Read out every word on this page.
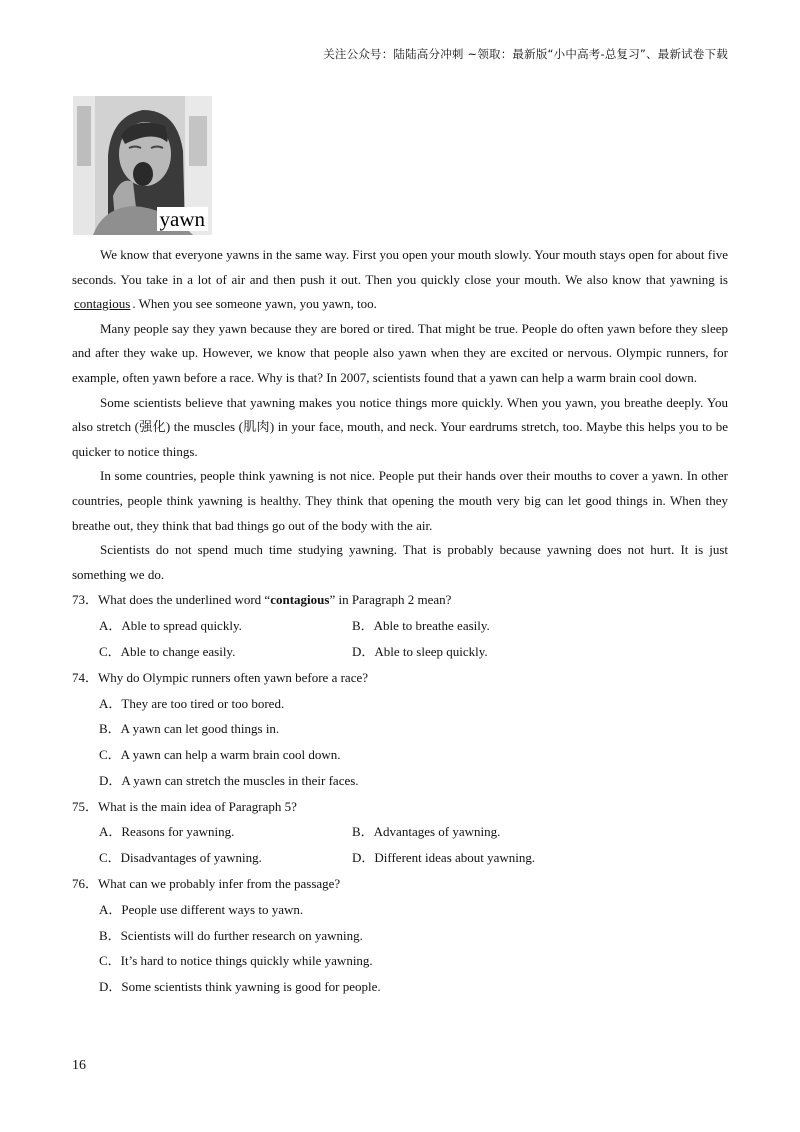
关注公众号：陆陆高分冲刺 ~领取：最新版“小中高考-总复习”、最新试卷下载
yawn

We know that everyone yawns in the same way. First you open your mouth slowly. Your mouth stays open for about five seconds. You take in a lot of air and then push it out. Then you quickly close your mouth. We also know that yawning is contagious . When you see someone yawn, you yawn, too.

Many people say they yawn because they are bored or tired. That might be true. People do often yawn before they sleep and after they wake up. However, we know that people also yawn when they are excited or nervous. Olympic runners, for example, often yawn before a race. Why is that? In 2007, scientists found that a yawn can help a warm brain cool down.

Some scientists believe that yawning makes you notice things more quickly. When you yawn, you breathe deeply. You also stretch (强化) the muscles (肌肉) in your face, mouth, and neck. Your eardrums stretch, too. Maybe this helps you to be quicker to notice things.

In some countries, people think yawning is not nice. People put their hands over their mouths to cover a yawn. In other countries, people think yawning is healthy. They think that opening the mouth very big can let good things in. When they breathe out, they think that bad things go out of the body with the air.

Scientists do not spend much time studying yawning. That is probably because yawning does not hurt. It is just something we do.

73．What does the underlined word “contagious” in Paragraph 2 mean?

A．Able to spread quickly.	B．Able to breathe easily.
C．Able to change easily.	D．Able to sleep quickly.

74．Why do Olympic runners often yawn before a race?

A．They are too tired or too bored.
B．A yawn can let good things in.
C．A yawn can help a warm brain cool down.
D．A yawn can stretch the muscles in their faces.

75．What is the main idea of Paragraph 5?

A．Reasons for yawning.	B．Advantages of yawning.
C．Disadvantages of yawning.	D．Different ideas about yawning.

76．What can we probably infer from the passage?

A．People use different ways to yawn.
B．Scientists will do further research on yawning.
C．It’s hard to notice things quickly while yawning.
D．Some scientists think yawning is good for people.
16
